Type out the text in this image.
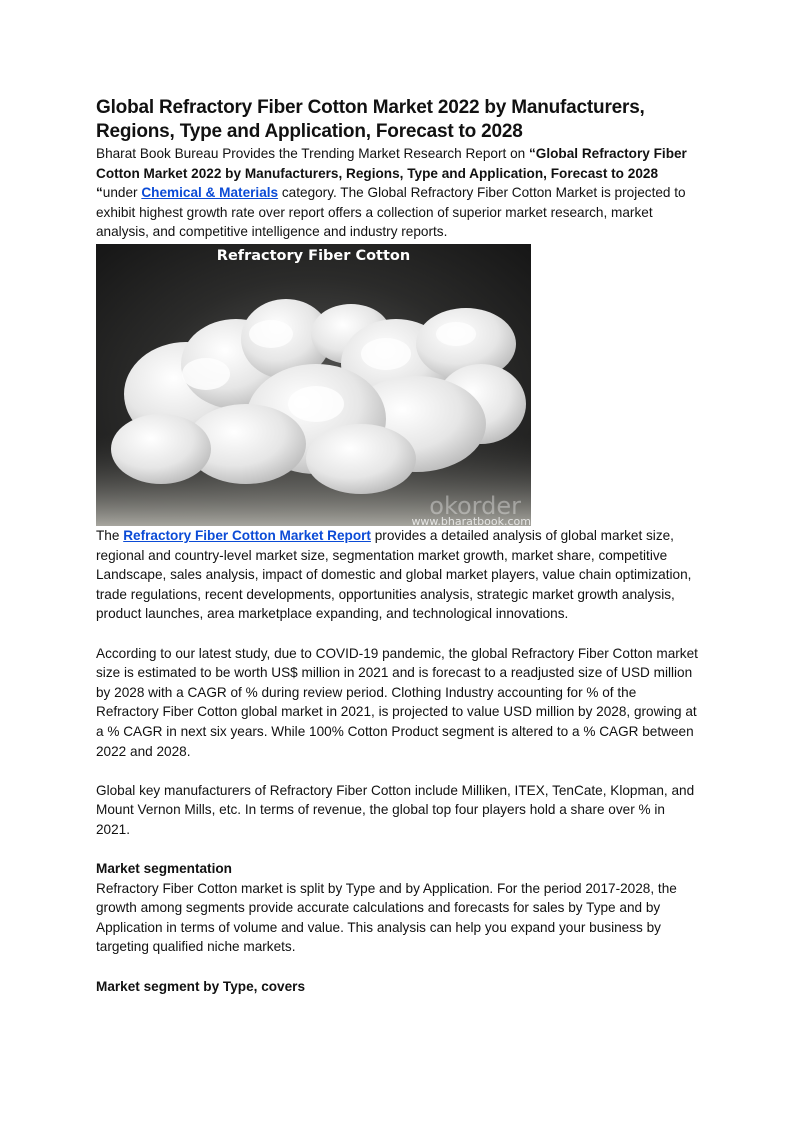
Global Refractory Fiber Cotton Market 2022 by Manufacturers, Regions, Type and Application, Forecast to 2028

Bharat Book Bureau Provides the Trending Market Research Report on “Global Refractory Fiber Cotton Market 2022 by Manufacturers, Regions, Type and Application, Forecast to 2028 “under Chemical & Materials category. The Global Refractory Fiber Cotton Market is projected to exhibit highest growth rate over report offers a collection of superior market research, market analysis, and competitive intelligence and industry reports.

Refractory Fiber Cotton
okorder
www.bharatbook.com

The Refractory Fiber Cotton Market Report provides a detailed analysis of global market size, regional and country-level market size, segmentation market growth, market share, competitive Landscape, sales analysis, impact of domestic and global market players, value chain optimization, trade regulations, recent developments, opportunities analysis, strategic market growth analysis, product launches, area marketplace expanding, and technological innovations.

According to our latest study, due to COVID-19 pandemic, the global Refractory Fiber Cotton market size is estimated to be worth US$ million in 2021 and is forecast to a readjusted size of USD million by 2028 with a CAGR of % during review period. Clothing Industry accounting for % of the Refractory Fiber Cotton global market in 2021, is projected to value USD million by 2028, growing at a % CAGR in next six years. While 100% Cotton Product segment is altered to a % CAGR between 2022 and 2028.

Global key manufacturers of Refractory Fiber Cotton include Milliken, ITEX, TenCate, Klopman, and Mount Vernon Mills, etc. In terms of revenue, the global top four players hold a share over % in 2021.

Market segmentation

Refractory Fiber Cotton market is split by Type and by Application. For the period 2017-2028, the growth among segments provide accurate calculations and forecasts for sales by Type and by Application in terms of volume and value. This analysis can help you expand your business by targeting qualified niche markets.

Market segment by Type, covers
